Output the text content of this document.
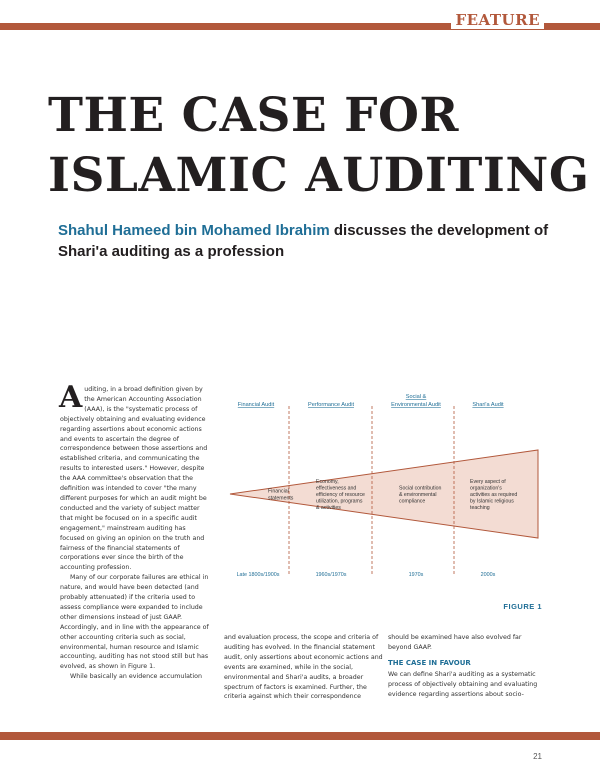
FEATURE
THE CASE FOR
ISLAMIC AUDITING

Shahul Hameed bin Mohamed Ibrahim discusses the development of Shari'a auditing as a profession

Auditing, in a broad definition given by the American Accounting Association (AAA), is the "systematic process of objectively obtaining and evaluating evidence regarding assertions about economic actions and events to ascertain the degree of correspondence between those assertions and established criteria, and communicating the results to interested users." However, despite the AAA committee's observation that the definition was intended to cover "the many different purposes for which an audit might be conducted and the variety of subject matter that might be focused on in a specific audit engagement," mainstream auditing has focused on giving an opinion on the truth and fairness of the financial statements of corporations ever since the birth of the accounting profession.

Many of our corporate failures are ethical in nature, and would have been detected (and probably attenuated) if the criteria used to assess compliance were expanded to include other dimensions instead of just GAAP. Accordingly, and in line with the appearance of other accounting criteria such as social, environmental, human resource and Islamic accounting, auditing has not stood still but has evolved, as shown in Figure 1.

While basically an evidence accumulation

Financial Audit	Performance Audit
Social & Environmental Audit	Shari'a Audit
Financial statements
Economy, effectiveness and efficiency of resource utilization, programs & activities
Social contribution & environmental compliance
Every aspect of organization's activities as required by Islamic religious teaching
Late 1800s/1900s	1960s/1970s	1970s	2000s
FIGURE 1

and evaluation process, the scope and criteria of auditing has evolved. In the financial statement audit, only assertions about economic actions and events are examined, while in the social, environmental and Shari'a audits, a broader spectrum of factors is examined. Further, the criteria against which their correspondence

should be examined have also evolved far beyond GAAP.

THE CASE IN FAVOUR

We can define Shari'a auditing as a systematic process of objectively obtaining and evaluating evidence regarding assertions about socio-

21
